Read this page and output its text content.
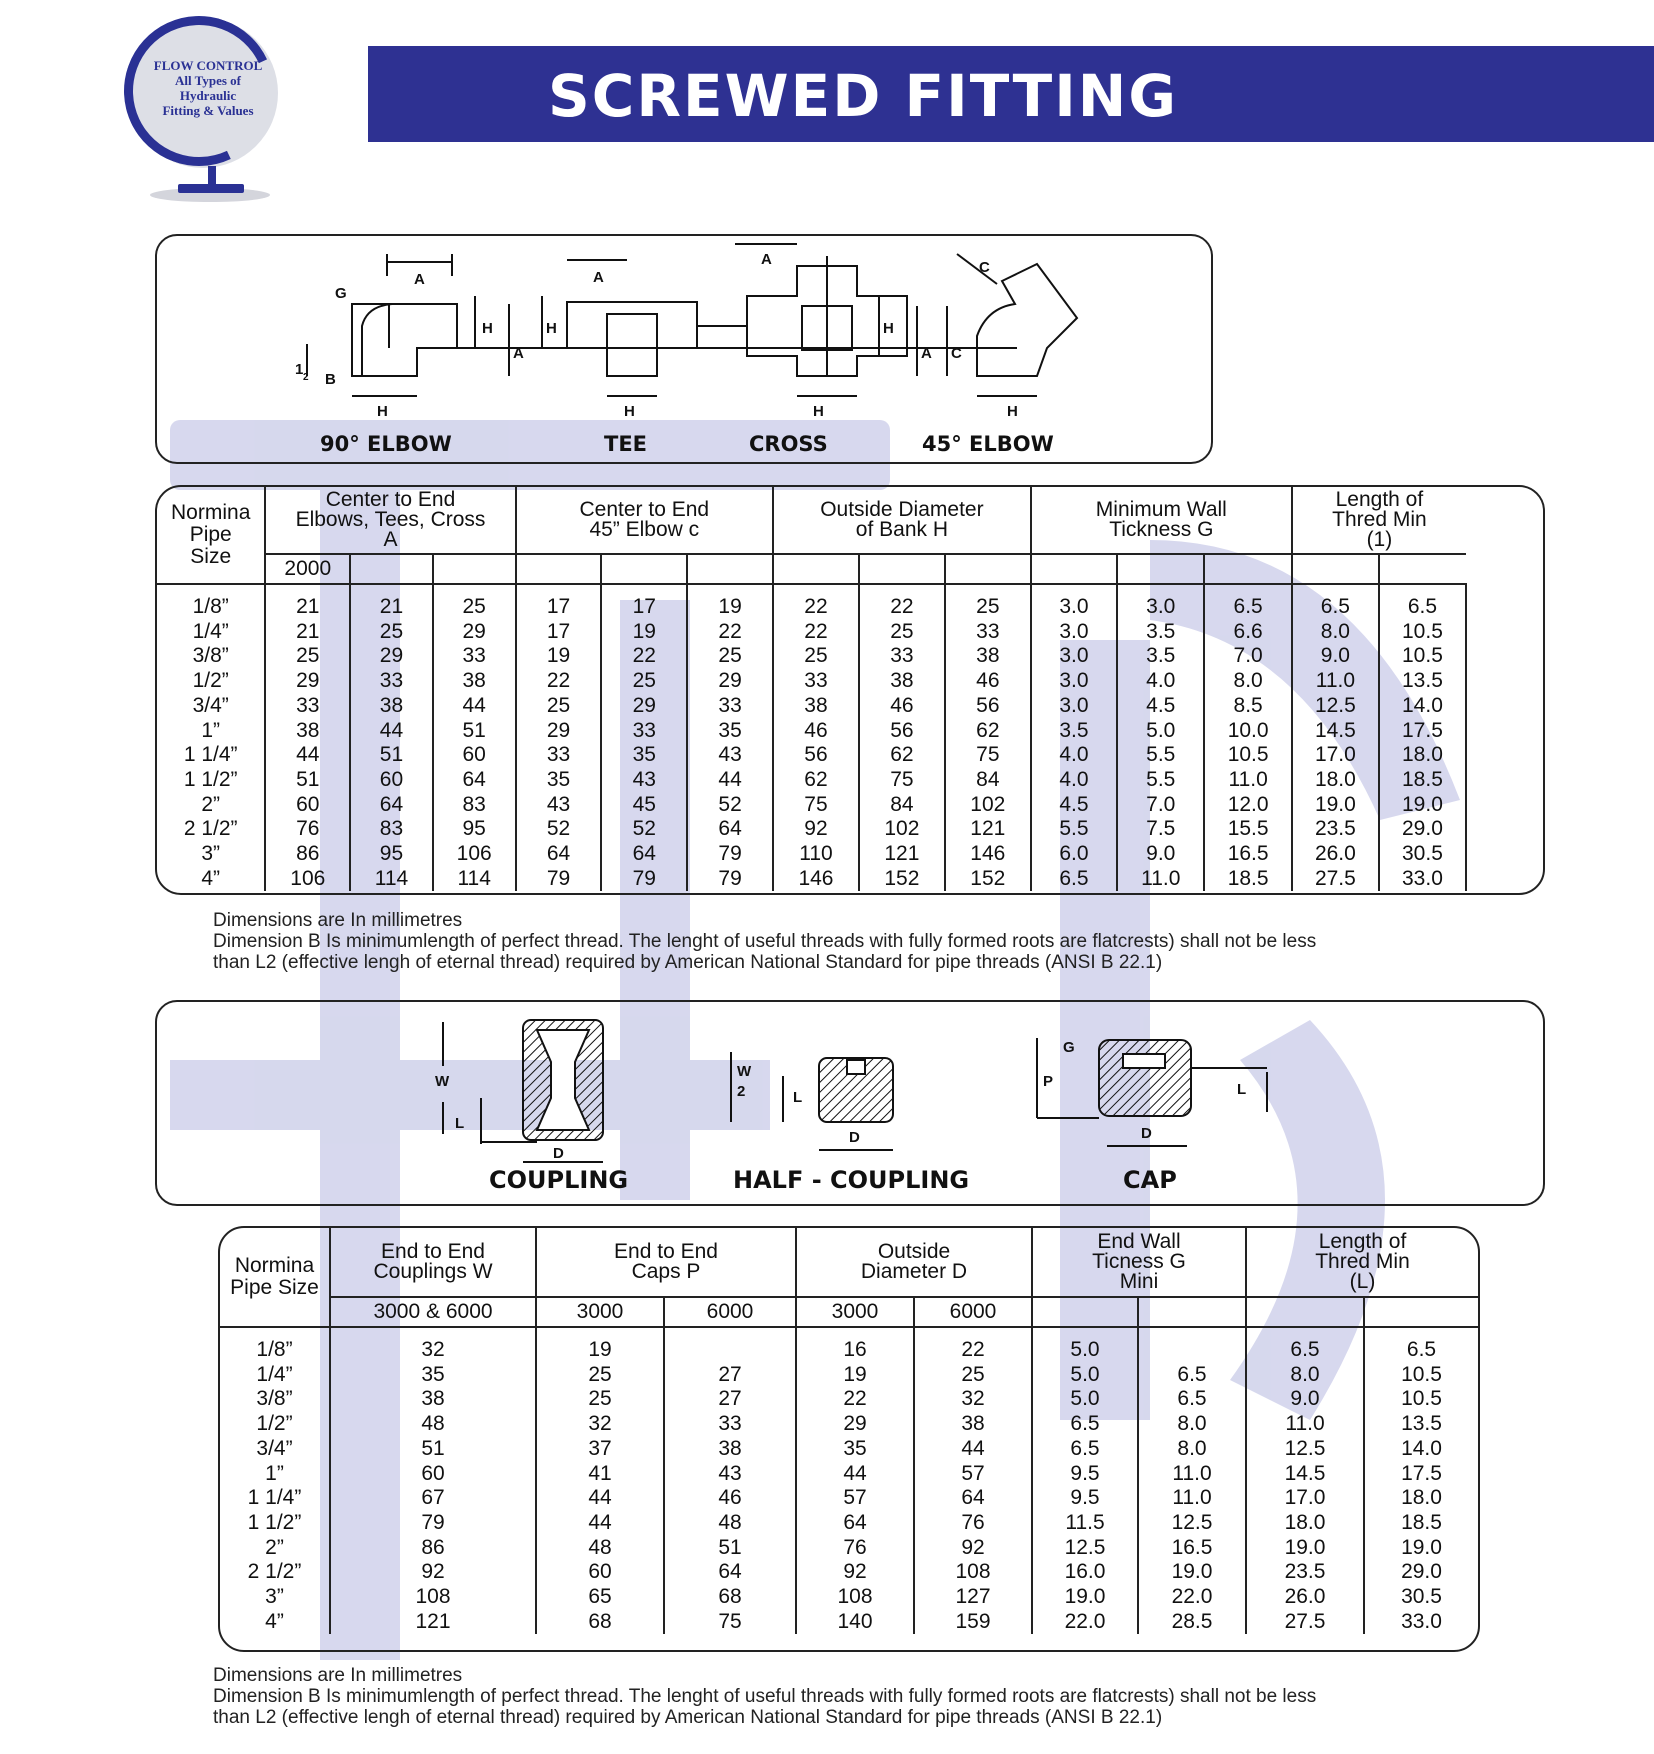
FLOW CONTROL
All Types of
Hydraulic
Fitting & Values	SCREWED FITTING
G
A
H
A
1 2 B
H
A
H
H
A
H
H
C
A C
H
90° ELBOW	TEE	CROSS	45° ELBOW
Normina Pipe Size	Center to End Elbows, Tees, Cross A			Center to End 45” Elbow c			Outside Diameter of Bank H			Minimum Wall Tickness G			Length of Thred Min (1)		
	2000														

1/8”	21	21	25	17	17	19	22	22	25	3.0	3.0	6.5	6.5	6.5	
1/4”	21	25	29	17	19	22	22	25	33	3.0	3.5	6.6	8.0	10.5	
3/8”	25	29	33	19	22	25	25	33	38	3.0	3.5	7.0	9.0	10.5	
1/2”	29	33	38	22	25	29	33	38	46	3.0	4.0	8.0	11.0	13.5	
3/4”	33	38	44	25	29	33	38	46	56	3.0	4.5	8.5	12.5	14.0	
1”	38	44	51	29	33	35	46	56	62	3.5	5.0	10.0	14.5	17.5	
1 1/4”	44	51	60	33	35	43	56	62	75	4.0	5.5	10.5	17.0	18.0	
1 1/2”	51	60	64	35	43	44	62	75	84	4.0	5.5	11.0	18.0	18.5	
2”	60	64	83	43	45	52	75	84	102	4.5	7.0	12.0	19.0	19.0	
2 1/2”	76	83	95	52	52	64	92	102	121	5.5	7.5	15.5	23.5	29.0	
3”	86	95	106	64	64	79	110	121	146	6.0	9.0	16.5	26.0	30.5	
4”	106	114	114	79	79	79	146	152	152	6.5	11.0	18.5	27.5	33.0	
Dimensions are In millimetres
Dimension B Is minimumlength of perfect thread. The lenght of useful threads with fully formed roots are flatcrests) shall not be less
than L2 (effective lengh of eternal thread) required by American National Standard for pipe threads (ANSI B 22.1)
W
L
D
W
2	L
D
G
P	L
D
COUPLING	HALF - COUPLING	CAP
Normina Pipe Size	End to End Couplings W	End to End Caps P		Outside Diameter D		End Wall Ticness G Mini		Length of Thred Min (L)	
	3000 & 6000	3000	6000	3000	6000				

1/8”	32	19		16	22	5.0		6.5	6.5
1/4”	35	25	27	19	25	5.0	6.5	8.0	10.5
3/8”	38	25	27	22	32	5.0	6.5	9.0	10.5
1/2”	48	32	33	29	38	6.5	8.0	11.0	13.5
3/4”	51	37	38	35	44	6.5	8.0	12.5	14.0
1”	60	41	43	44	57	9.5	11.0	14.5	17.5
1 1/4”	67	44	46	57	64	9.5	11.0	17.0	18.0
1 1/2”	79	44	48	64	76	11.5	12.5	18.0	18.5
2”	86	48	51	76	92	12.5	16.5	19.0	19.0
2 1/2”	92	60	64	92	108	16.0	19.0	23.5	29.0
3”	108	65	68	108	127	19.0	22.0	26.0	30.5
4”	121	68	75	140	159	22.0	28.5	27.5	33.0
Dimensions are In millimetres
Dimension B Is minimumlength of perfect thread. The lenght of useful threads with fully formed roots are flatcrests) shall not be less
than L2 (effective lengh of eternal thread) required by American National Standard for pipe threads (ANSI B 22.1)
